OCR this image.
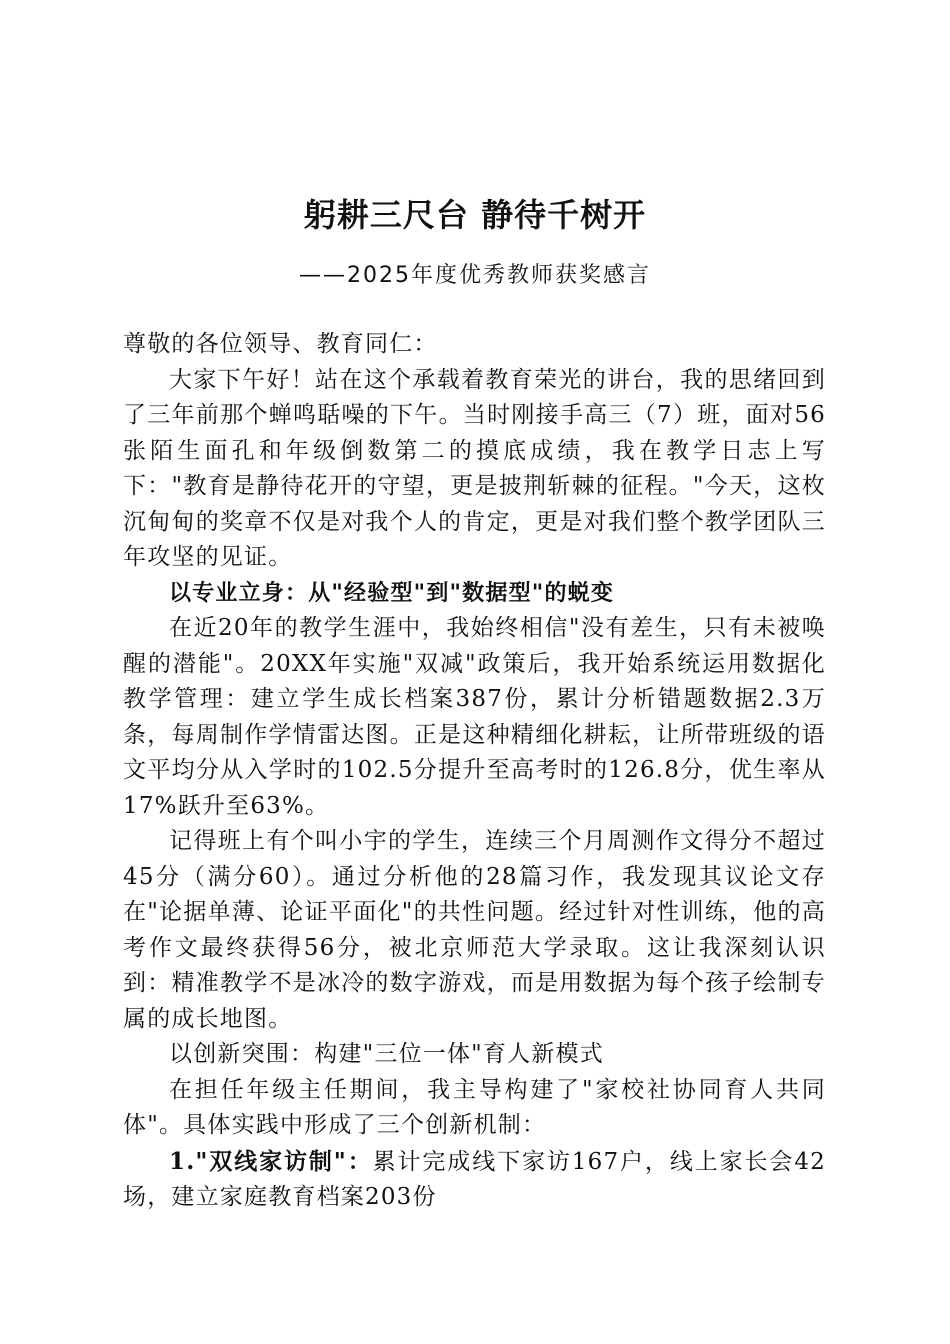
躬耕三尺台 静待千树开
——2025年度优秀教师获奖感言

尊敬的各位领导、教育同仁：

大家下午好！站在这个承载着教育荣光的讲台，我的思绪回到了三年前那个蝉鸣聒噪的下午。当时刚接手高三（7）班，面对56张陌生面孔和年级倒数第二的摸底成绩，我在教学日志上写下："教育是静待花开的守望，更是披荆斩棘的征程。"今天，这枚沉甸甸的奖章不仅是对我个人的肯定，更是对我们整个教学团队三年攻坚的见证。

以专业立身：从"经验型"到"数据型"的蜕变

在近20年的教学生涯中，我始终相信"没有差生，只有未被唤醒的潜能"。20XX年实施"双减"政策后，我开始系统运用数据化教学管理：建立学生成长档案387份，累计分析错题数据2.3万条，每周制作学情雷达图。正是这种精细化耕耘，让所带班级的语文平均分从入学时的102.5分提升至高考时的126.8分，优生率从17%跃升至63%。

记得班上有个叫小宇的学生，连续三个月周测作文得分不超过45分（满分60）。通过分析他的28篇习作，我发现其议论文存在"论据单薄、论证平面化"的共性问题。经过针对性训练，他的高考作文最终获得56分，被北京师范大学录取。这让我深刻认识到：精准教学不是冰冷的数字游戏，而是用数据为每个孩子绘制专属的成长地图。

以创新突围：构建"三位一体"育人新模式

在担任年级主任期间，我主导构建了"家校社协同育人共同体"。具体实践中形成了三个创新机制：

1."双线家访制"：累计完成线下家访167户，线上家长会42场，建立家庭教育档案203份
